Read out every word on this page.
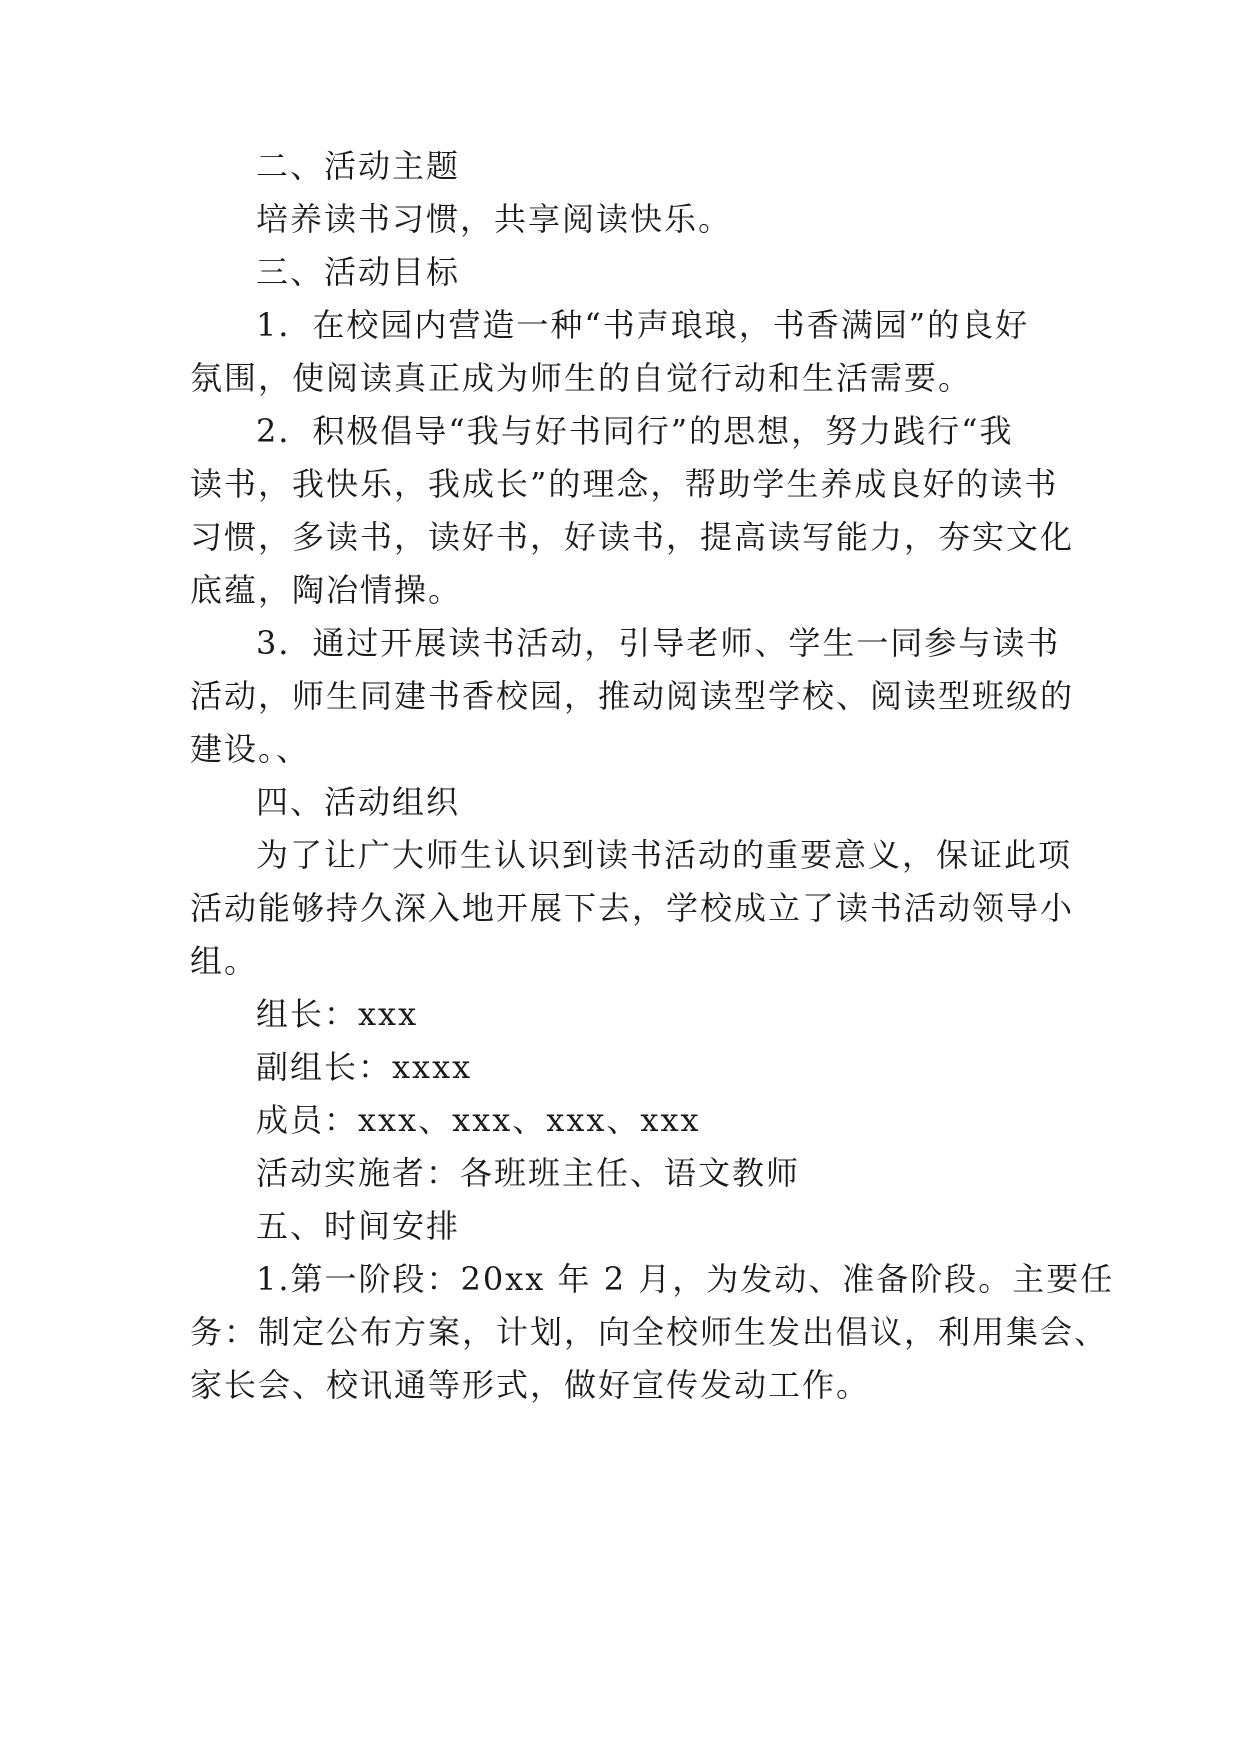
二、活动主题
培养读书习惯，共享阅读快乐。
三、活动目标
1．在校园内营造一种“书声琅琅，书香满园”的良好
氛围，使阅读真正成为师生的自觉行动和生活需要。
2．积极倡导“我与好书同行”的思想，努力践行“我
读书，我快乐，我成长”的理念，帮助学生养成良好的读书
习惯，多读书，读好书，好读书，提高读写能力，夯实文化
底蕴，陶冶情操。
3．通过开展读书活动，引导老师、学生一同参与读书
活动，师生同建书香校园，推动阅读型学校、阅读型班级的
建设。、
四、活动组织
为了让广大师生认识到读书活动的重要意义，保证此项
活动能够持久深入地开展下去，学校成立了读书活动领导小
组。
组长：xxx
副组长：xxxx
成员：xxx、xxx、xxx、xxx
活动实施者：各班班主任、语文教师
五、时间安排
1.第一阶段：20xx 年 2 月，为发动、准备阶段。主要任
务：制定公布方案，计划，向全校师生发出倡议，利用集会、
家长会、校讯通等形式，做好宣传发动工作。
